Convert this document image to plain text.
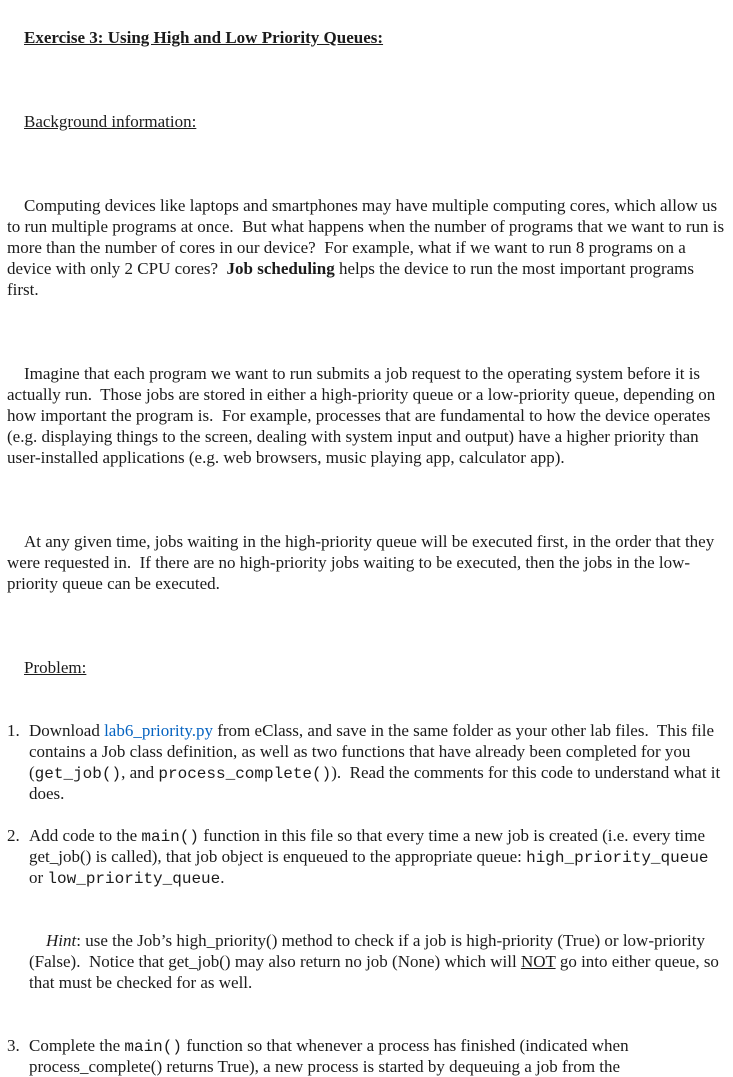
Exercise 3: Using High and Low Priority Queues:

Background information:

Computing devices like laptops and smartphones may have multiple computing cores, which allow us to run multiple programs at once.  But what happens when the number of programs that we want to run is more than the number of cores in our device?  For example, what if we want to run 8 programs on a device with only 2 CPU cores?  Job scheduling helps the device to run the most important programs first.

Imagine that each program we want to run submits a job request to the operating system before it is actually run.  Those jobs are stored in either a high-priority queue or a low-priority queue, depending on how important the program is.  For example, processes that are fundamental to how the device operates (e.g. displaying things to the screen, dealing with system input and output) have a higher priority than user-installed applications (e.g. web browsers, music playing app, calculator app).

At any given time, jobs waiting in the high-priority queue will be executed first, in the order that they were requested in.  If there are no high-priority jobs waiting to be executed, then the jobs in the low-priority queue can be executed.

Problem:

1. Download lab6_priority.py from eClass, and save in the same folder as your other lab files.  This file contains a Job class definition, as well as two functions that have already been completed for you (get_job(), and process_complete()).  Read the comments for this code to understand what it does.
2. Add code to the main() function in this file so that every time a new job is created (i.e. every time get_job() is called), that job object is enqueued to the appropriate queue: high_priority_queue or low_priority_queue.

Hint: use the Job’s high_priority() method to check if a job is high-priority (True) or low-priority (False).  Notice that get_job() may also return no job (None) which will NOT go into either queue, so that must be checked for as well.

3. Complete the main() function so that whenever a process has finished (indicated when process_complete() returns True), a new process is started by dequeuing a job from the
